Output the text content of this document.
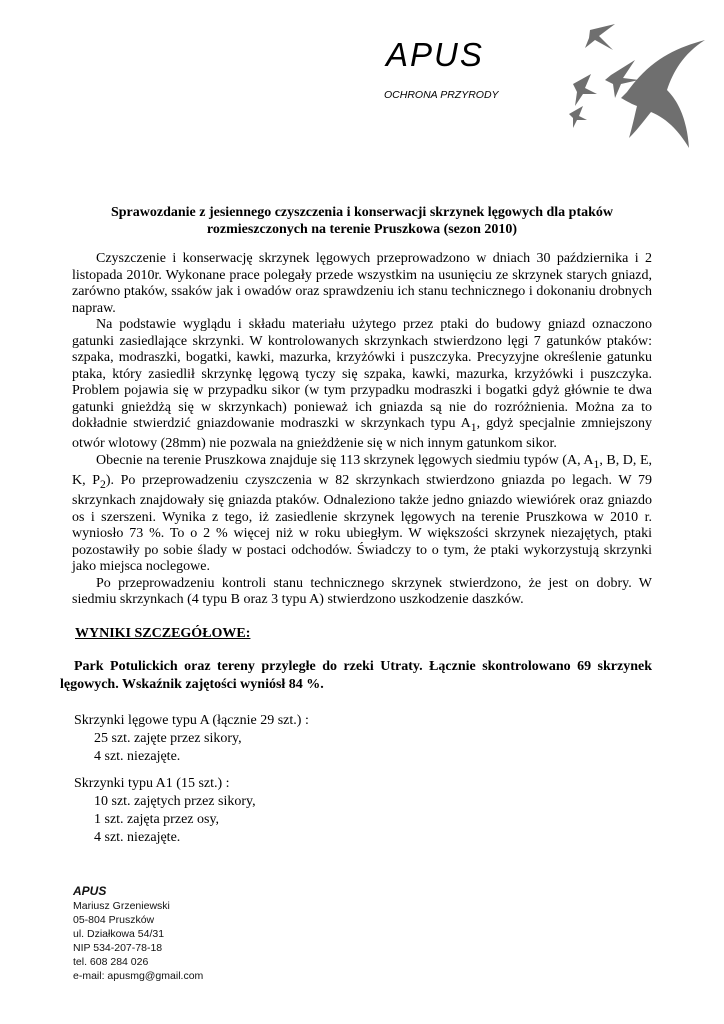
APUS
OCHRONA PRZYRODY
Sprawozdanie z jesiennego czyszczenia i konserwacji skrzynek lęgowych dla ptaków
rozmieszczonych na terenie Pruszkowa (sezon 2010)

Czyszczenie i konserwację skrzynek lęgowych przeprowadzono w dniach 30 października i 2 listopada 2010r. Wykonane prace polegały przede wszystkim na usunięciu ze skrzynek starych gniazd, zarówno ptaków, ssaków jak i owadów oraz sprawdzeniu ich stanu technicznego i dokonaniu drobnych napraw.

Na podstawie wyglądu i składu materiału użytego przez ptaki do budowy gniazd oznaczono gatunki zasiedlające skrzynki. W kontrolowanych skrzynkach stwierdzono lęgi 7 gatunków ptaków: szpaka, modraszki, bogatki, kawki, mazurka, krzyżówki i puszczyka. Precyzyjne określenie gatunku ptaka, który zasiedlił skrzynkę lęgową tyczy się szpaka, kawki, mazurka, krzyżówki i puszczyka. Problem pojawia się w przypadku sikor (w tym przypadku modraszki i bogatki gdyż głównie te dwa gatunki gnieżdżą się w skrzynkach) ponieważ ich gniazda są nie do rozróżnienia. Można za to dokładnie stwierdzić gniazdowanie modraszki w skrzynkach typu $A_1$, gdyż specjalnie zmniejszony otwór wlotowy (28mm) nie pozwala na gnieżdżenie się w nich innym gatunkom sikor.

Obecnie na terenie Pruszkowa znajduje się 113 skrzynek lęgowych siedmiu typów (A, $A_1$, B, D, E, K, $P_2$). Po przeprowadzeniu czyszczenia w 82 skrzynkach stwierdzono gniazda po legach. W 79 skrzynkach znajdowały się gniazda ptaków. Odnaleziono także jedno gniazdo wiewiórek oraz gniazdo os i szerszeni. Wynika z tego, iż zasiedlenie skrzynek lęgowych na terenie Pruszkowa w 2010 r. wyniosło 73 %. To o 2 % więcej niż w roku ubiegłym. W większości skrzynek niezajętych, ptaki pozostawiły po sobie ślady w postaci odchodów. Świadczy to o tym, że ptaki wykorzystują skrzynki jako miejsca noclegowe.

Po przeprowadzeniu kontroli stanu technicznego skrzynek stwierdzono, że jest on dobry. W siedmiu skrzynkach (4 typu B oraz 3 typu A) stwierdzono uszkodzenie daszków.

WYNIKI SZCZEGÓŁOWE:
Park Potulickich oraz tereny przyległe do rzeki Utraty. Łącznie skontrolowano 69 skrzynek lęgowych. Wskaźnik zajętości wyniósł 84 %.
Skrzynki lęgowe typu A (łącznie 29 szt.) :
25 szt. zajęte przez sikory,
4 szt. niezajęte.
Skrzynki typu A1 (15 szt.) :
10 szt. zajętych przez sikory,
1 szt. zajęta przez osy,
4 szt. niezajęte.
APUS
Mariusz Grzeniewski
05-804 Pruszków
ul. Działkowa 54/31
NIP 534-207-78-18
tel. 608 284 026
e-mail: apusmg@gmail.com
